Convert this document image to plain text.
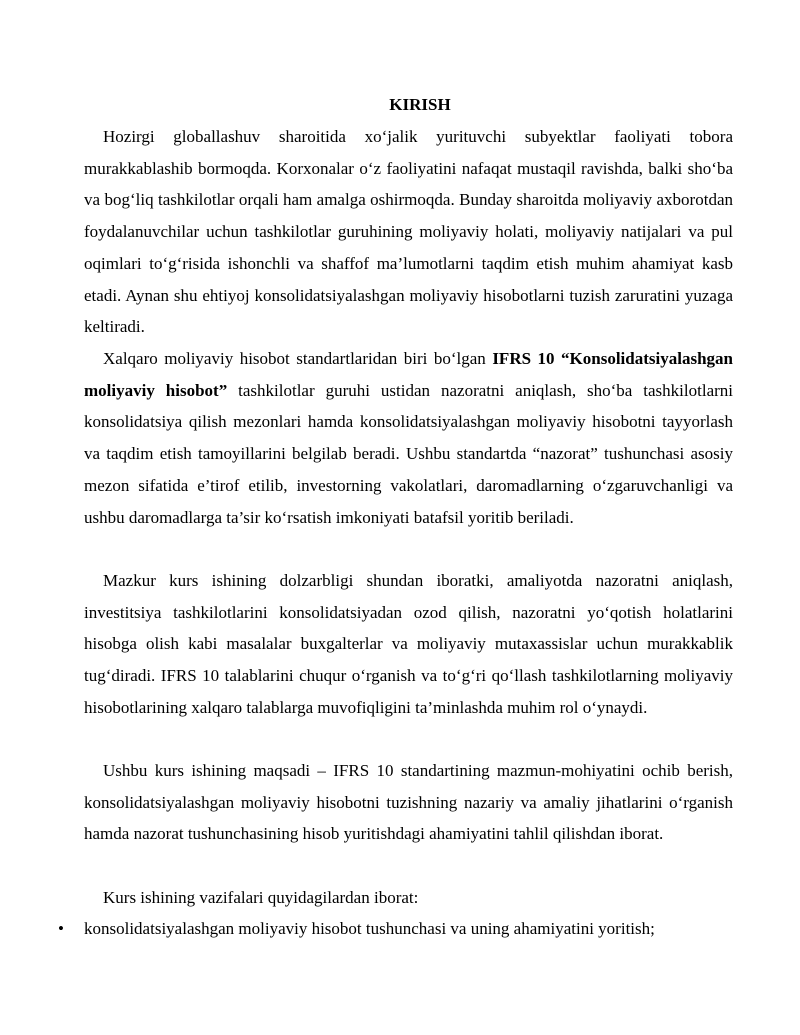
KIRISH

Hozirgi globallashuv sharoitida xo‘jalik yurituvchi subyektlar faoliyati tobora murakkablashib bormoqda. Korxonalar o‘z faoliyatini nafaqat mustaqil ravishda, balki sho‘ba va bog‘liq tashkilotlar orqali ham amalga oshirmoqda. Bunday sharoitda moliyaviy axborotdan foydalanuvchilar uchun tashkilotlar guruhining moliyaviy holati, moliyaviy natijalari va pul oqimlari to‘g‘risida ishonchli va shaffof ma’lumotlarni taqdim etish muhim ahamiyat kasb etadi. Aynan shu ehtiyoj konsolidatsiyalashgan moliyaviy hisobotlarni tuzish zaruratini yuzaga keltiradi.

Xalqaro moliyaviy hisobot standartlaridan biri bo‘lgan IFRS 10 “Konsolidatsiyalashgan moliyaviy hisobot” tashkilotlar guruhi ustidan nazoratni aniqlash, sho‘ba tashkilotlarni konsolidatsiya qilish mezonlari hamda konsolidatsiyalashgan moliyaviy hisobotni tayyorlash va taqdim etish tamoyillarini belgilab beradi. Ushbu standartda “nazorat” tushunchasi asosiy mezon sifatida e’tirof etilib, investorning vakolatlari, daromadlarning o‘zgaruvchanligi va ushbu daromadlarga ta’sir ko‘rsatish imkoniyati batafsil yoritib beriladi.

Mazkur kurs ishining dolzarbligi shundan iboratki, amaliyotda nazoratni aniqlash, investitsiya tashkilotlarini konsolidatsiyadan ozod qilish, nazoratni yo‘qotish holatlarini hisobga olish kabi masalalar buxgalterlar va moliyaviy mutaxassislar uchun murakkablik tug‘diradi. IFRS 10 talablarini chuqur o‘rganish va to‘g‘ri qo‘llash tashkilotlarning moliyaviy hisobotlarining xalqaro talablarga muvofiqligini ta’minlashda muhim rol o‘ynaydi.

Ushbu kurs ishining maqsadi – IFRS 10 standartining mazmun-mohiyatini ochib berish, konsolidatsiyalashgan moliyaviy hisobotni tuzishning nazariy va amaliy jihatlarini o‘rganish hamda nazorat tushunchasining hisob yuritishdagi ahamiyatini tahlil qilishdan iborat.

Kurs ishining vazifalari quyidagilardan iborat:

• konsolidatsiyalashgan moliyaviy hisobot tushunchasi va uning ahamiyatini yoritish;
